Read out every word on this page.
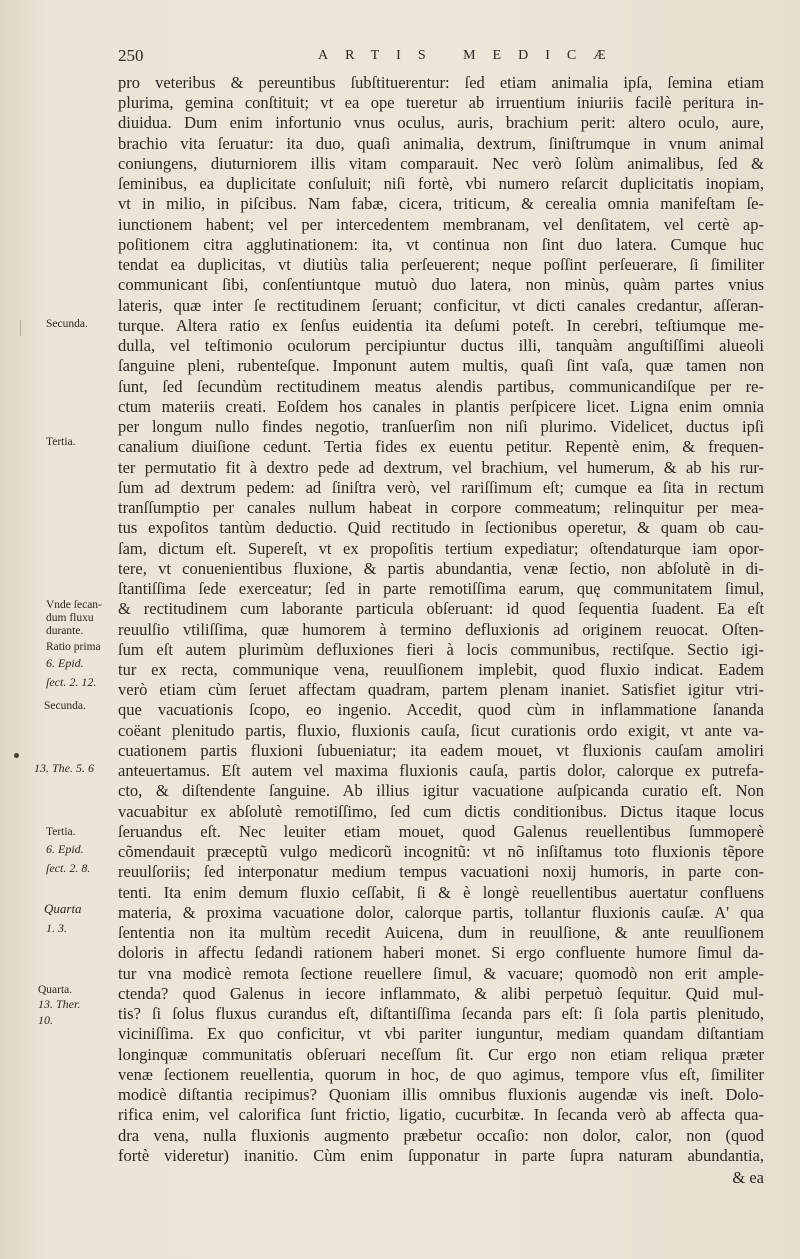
250	ARTIS MEDICÆ
Secunda.
Tertia.
Vnde ſecan-
dum fluxu
durante.
Ratio prima
6. Epid.
ſect. 2. 12.
Secunda.
13. The. 5. 6
Tertia.
6. Epid.
ſect. 2. 8.
Quarta
1. 3.
Quarta.
13. Ther.
10.
pro veteribus & pereuntibus ſubſtituerentur: ſed etiam animalia ipſa, ſemina etiam
plurima, gemina conſtituit; vt ea ope tueretur ab irruentium iniuriis facilè peritura in-
diuidua. Dum enim infortunio vnus oculus, auris, brachium perit: altero oculo, aure,
brachio vita ſeruatur: ita duo, quaſi animalia, dextrum, ſiniſtrumque in vnum animal
coniungens, diuturniorem illis vitam comparauit. Nec verò ſolùm animalibus, ſed &
ſeminibus, ea duplicitate conſuluit; niſi fortè, vbi numero reſarcit duplicitatis inopiam,
vt in milio, in piſcibus. Nam fabæ, cicera, triticum, & cerealia omnia manifeſtam ſe-
iunctionem habent; vel per intercedentem membranam, vel denſitatem, vel certè ap-
poſitionem citra agglutinationem: ita, vt continua non ſint duo latera. Cumque huc
tendat ea duplicitas, vt diutiùs talia perſeuerent; neque poſſint perſeuerare, ſi ſimiliter
communicant ſibi, conſentiuntque mutuò duo latera, non minùs, quàm partes vnius
lateris, quæ inter ſe rectitudinem ſeruant; conficitur, vt dicti canales credantur, aſſeran-
turque. Altera ratio ex ſenſus euidentia ita deſumi poteſt. In cerebri, teſtiumque me-
dulla, vel teſtimonio oculorum percipiuntur ductus illi, tanquàm anguſtiſſimi alueoli
ſanguine pleni, rubenteſque. Imponunt autem multis, quaſi ſint vaſa, quæ tamen non
ſunt, ſed ſecundùm rectitudinem meatus alendis partibus, communicandiſque per re-
ctum materiis creati. Eoſdem hos canales in plantis perſpicere licet. Ligna enim omnia
per longum nullo findes negotio, tranſuerſim non niſi plurimo. Videlicet, ductus ipſi
canalium diuiſione cedunt. Tertia fides ex euentu petitur. Repentè enim, & frequen-
ter permutatio fit à dextro pede ad dextrum, vel brachium, vel humerum, & ab his rur-
ſum ad dextrum pedem: ad ſiniſtra verò, vel rariſſimum eſt; cumque ea ſita in rectum
tranſſumptio per canales nullum habeat in corpore commeatum; relinquitur per mea-
tus expoſitos tantùm deductio. Quid rectitudo in ſectionibus operetur, & quam ob cau-
ſam, dictum eſt. Supereſt, vt ex propoſitis tertium expediatur; oſtendaturque iam opor-
tere, vt conuenientibus fluxione, & partis abundantia, venæ ſectio, non abſolutè in di-
ſtantiſſima ſede exerceatur; ſed in parte remotiſſima earum, quę communitatem ſimul,
& rectitudinem cum laborante particula obſeruant: id quod ſequentia ſuadent. Ea eſt
reuulſio vtiliſſima, quæ humorem à termino defluxionis ad originem reuocat. Oſten-
ſum eſt autem plurimùm defluxiones fieri à locis communibus, rectiſque. Sectio igi-
tur ex recta, communique vena, reuulſionem implebit, quod fluxio indicat. Eadem
verò etiam cùm ſeruet affectam quadram, partem plenam inaniet. Satisfiet igitur vtri-
que vacuationis ſcopo, eo ingenio. Accedit, quod cùm in inflammatione ſananda
coëant plenitudo partis, fluxio, fluxionis cauſa, ſicut curationis ordo exigit, vt ante va-
cuationem partis fluxioni ſubueniatur; ita eadem mouet, vt fluxionis cauſam amoliri
anteuertamus. Eſt autem vel maxima fluxionis cauſa, partis dolor, calorque ex putrefa-
cto, & diſtendente ſanguine. Ab illius igitur vacuatione auſpicanda curatio eſt. Non
vacuabitur ex abſolutè remotiſſimo, ſed cum dictis conditionibus. Dictus itaque locus
ſeruandus eſt. Nec leuiter etiam mouet, quod Galenus reuellentibus ſummoperè
cõmendauit præceptũ vulgo medicorũ incognitũ: vt nõ inſiſtamus toto fluxionis tẽpore
reuulſoriis; ſed interponatur medium tempus vacuationi noxij humoris, in parte con-
tenti. Ita enim demum fluxio ceſſabit, ſi & è longè reuellentibus auertatur confluens
materia, & proxima vacuatione dolor, calorque partis, tollantur fluxionis cauſæ. A' qua
ſententia non ita multùm recedit Auicena, dum in reuulſione, & ante reuulſionem
doloris in affectu ſedandi rationem haberi monet. Si ergo confluente humore ſimul da-
tur vna modicè remota ſectione reuellere ſimul, & vacuare; quomodò non erit ample-
ctenda? quod Galenus in iecore inflammato, & alibi perpetuò ſequitur. Quid mul-
tis? ſi ſolus fluxus curandus eſt, diſtantiſſima ſecanda pars eſt: ſi ſola partis plenitudo,
viciniſſima. Ex quo conficitur, vt vbi pariter iunguntur, mediam quandam diſtantiam
longinquæ communitatis obſeruari neceſſum ſit. Cur ergo non etiam reliqua præter
venæ ſectionem reuellentia, quorum in hoc, de quo agimus, tempore vſus eſt, ſimiliter
modicè diſtantia recipimus? Quoniam illis omnibus fluxionis augendæ vis ineſt. Dolo-
rifica enim, vel calorifica ſunt frictio, ligatio, cucurbitæ. In ſecanda verò ab affecta qua-
dra vena, nulla fluxionis augmento præbetur occaſio: non dolor, calor, non (quod
fortè videretur) inanitio. Cùm enim ſupponatur in parte ſupra naturam abundantia,
& ea
